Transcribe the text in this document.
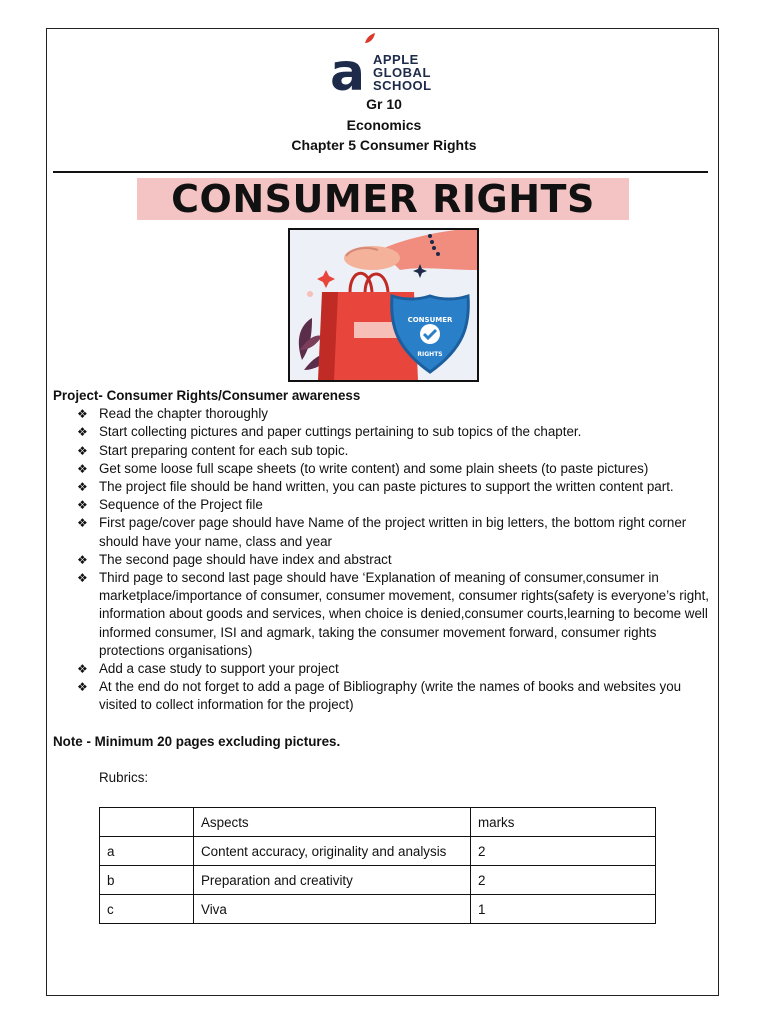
a APPLE
GLOBAL
SCHOOL
Gr 10
Economics
Chapter 5 Consumer Rights
CONSUMER RIGHTS
CONSUMER
RIGHTS
Project- Consumer Rights/Consumer awareness
❖ Read the chapter thoroughly
❖ Start collecting pictures and paper cuttings pertaining to sub topics of the chapter.
❖ Start preparing content for each sub topic.
❖ Get some loose full scape sheets (to write content) and some plain sheets (to paste pictures)
❖ The project file should be hand written, you can paste pictures to support the written content part.
❖ Sequence of the Project file
❖ First page/cover page should have Name of the project written in big letters, the bottom right corner should have your name, class and year
❖ The second page should have index and abstract
❖ Third page to second last page should have ‘Explanation of meaning of consumer,consumer in marketplace/importance of consumer, consumer movement, consumer rights(safety is everyone’s right, information about goods and services, when choice is denied,consumer courts,learning to become well informed consumer, ISI and agmark, taking the consumer movement forward, consumer rights protections organisations)
❖ Add a case study to support your project
❖ At the end do not forget to add a page of Bibliography (write the names of books and websites you visited to collect information for the project)
Note - Minimum 20 pages excluding pictures.
Rubrics:
	Aspects	marks
a	Content accuracy, originality and analysis	2
b	Preparation and creativity	2
c	Viva	1
